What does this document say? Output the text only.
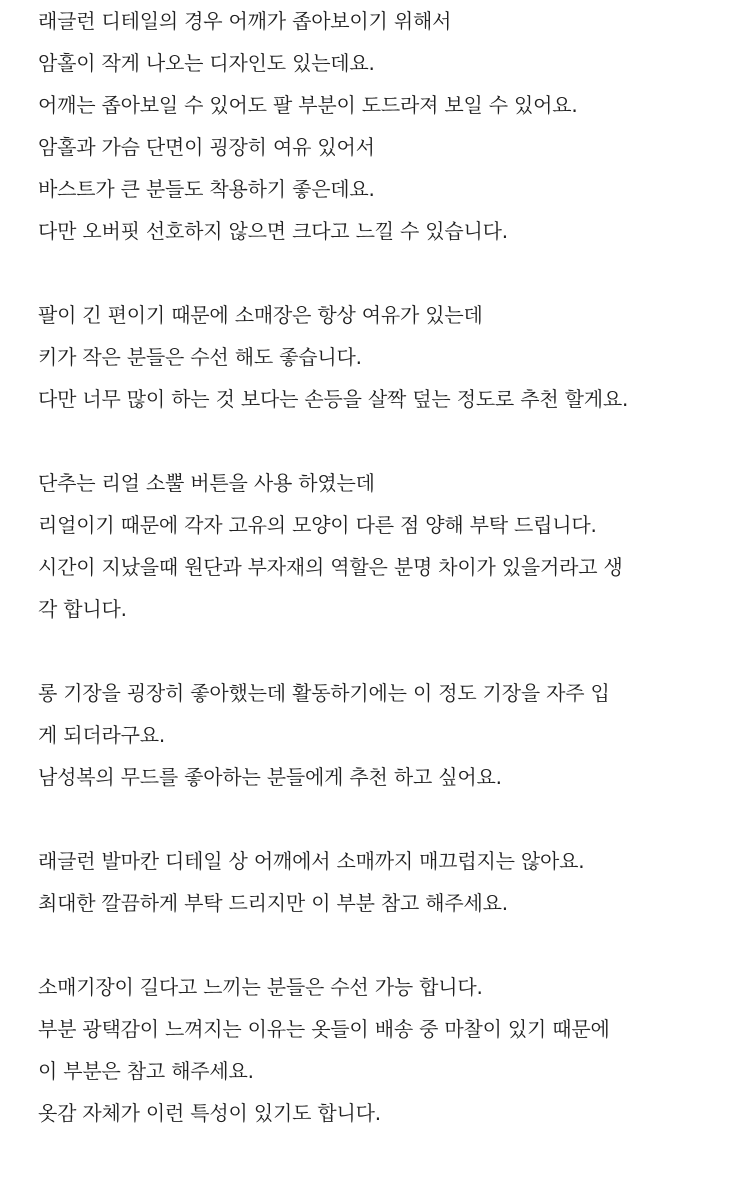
래글런 디테일의 경우 어깨가 좁아보이기 위해서
암홀이 작게 나오는 디자인도 있는데요.
어깨는 좁아보일 수 있어도 팔 부분이 도드라져 보일 수 있어요.
암홀과 가슴 단면이 굉장히 여유 있어서
바스트가 큰 분들도 착용하기 좋은데요.
다만 오버핏 선호하지 않으면 크다고 느낄 수 있습니다.
팔이 긴 편이기 때문에 소매장은 항상 여유가 있는데
키가 작은 분들은 수선 해도 좋습니다.
다만 너무 많이 하는 것 보다는 손등을 살짝 덮는 정도로 추천 할게요.
단추는 리얼 소뿔 버튼을 사용 하였는데
리얼이기 때문에 각자 고유의 모양이 다른 점 양해 부탁 드립니다.
시간이 지났을때 원단과 부자재의 역할은 분명 차이가 있을거라고 생
각 합니다.
롱 기장을 굉장히 좋아했는데 활동하기에는 이 정도 기장을 자주 입
게 되더라구요.
남성복의 무드를 좋아하는 분들에게 추천 하고 싶어요.
래글런 발마칸 디테일 상 어깨에서 소매까지 매끄럽지는 않아요.
최대한 깔끔하게 부탁 드리지만 이 부분 참고 해주세요.
소매기장이 길다고 느끼는 분들은 수선 가능 합니다.
부분 광택감이 느껴지는 이유는 옷들이 배송 중 마찰이 있기 때문에
이 부분은 참고 해주세요.
옷감 자체가 이런 특성이 있기도 합니다.
